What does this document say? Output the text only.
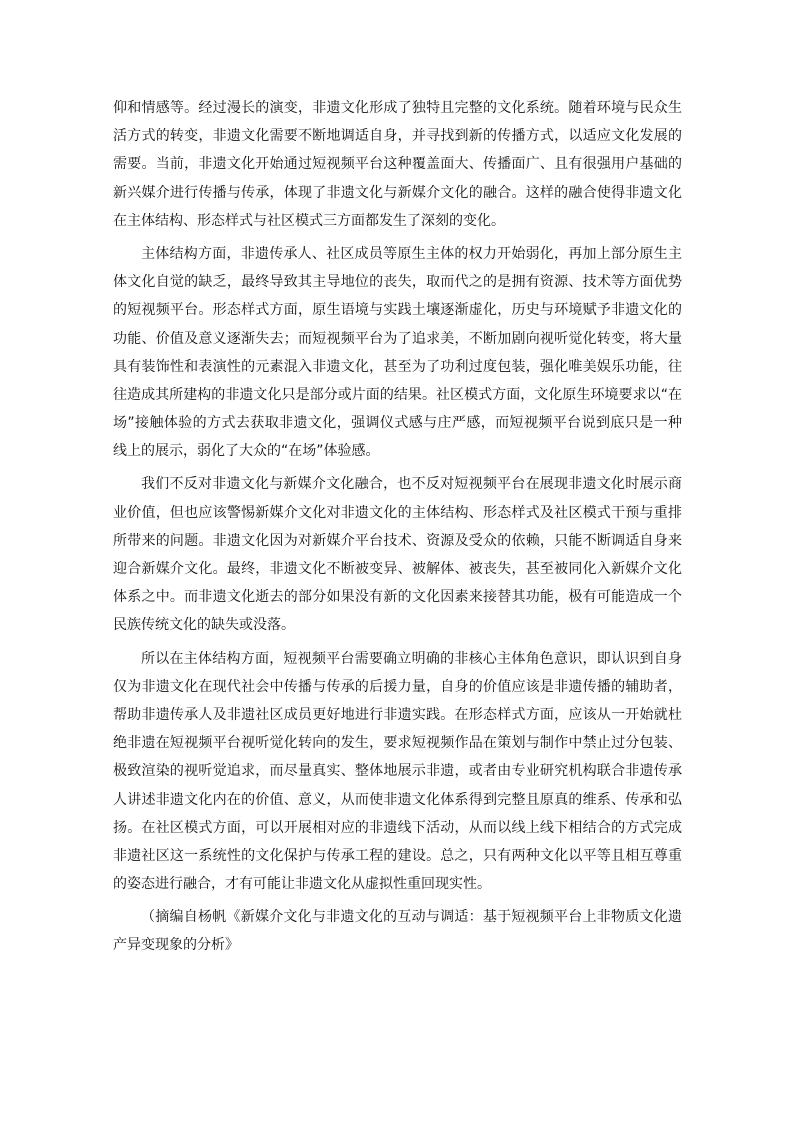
仰和情感等。经过漫长的演变，非遗文化形成了独特且完整的文化系统。随着环境与民众生
活方式的转变，非遗文化需要不断地调适自身，并寻找到新的传播方式，以适应文化发展的
需要。当前，非遗文化开始通过短视频平台这种覆盖面大、传播面广、且有很强用户基础的
新兴媒介进行传播与传承，体现了非遗文化与新媒介文化的融合。这样的融合使得非遗文化
在主体结构、形态样式与社区模式三方面都发生了深刻的变化。
主体结构方面，非遗传承人、社区成员等原生主体的权力开始弱化，再加上部分原生主
体文化自觉的缺乏，最终导致其主导地位的丧失，取而代之的是拥有资源、技术等方面优势
的短视频平台。形态样式方面，原生语境与实践土壤逐渐虚化，历史与环境赋予非遗文化的
功能、价值及意义逐渐失去；而短视频平台为了追求美，不断加剧向视听觉化转变，将大量
具有装饰性和表演性的元素混入非遗文化，甚至为了功利过度包装，强化唯美娱乐功能，往
往造成其所建构的非遗文化只是部分或片面的结果。社区模式方面，文化原生环境要求以“在
场”接触体验的方式去获取非遗文化，强调仪式感与庄严感，而短视频平台说到底只是一种
线上的展示，弱化了大众的“在场”体验感。
我们不反对非遗文化与新媒介文化融合，也不反对短视频平台在展现非遗文化时展示商
业价值，但也应该警惕新媒介文化对非遗文化的主体结构、形态样式及社区模式干预与重排
所带来的问题。非遗文化因为对新媒介平台技术、资源及受众的依赖，只能不断调适自身来
迎合新媒介文化。最终，非遗文化不断被变异、被解体、被丧失，甚至被同化入新媒介文化
体系之中。而非遗文化逝去的部分如果没有新的文化因素来接替其功能，极有可能造成一个
民族传统文化的缺失或没落。
所以在主体结构方面，短视频平台需要确立明确的非核心主体角色意识，即认识到自身
仅为非遗文化在现代社会中传播与传承的后援力量，自身的价值应该是非遗传播的辅助者，
帮助非遗传承人及非遗社区成员更好地进行非遗实践。在形态样式方面，应该从一开始就杜
绝非遗在短视频平台视听觉化转向的发生，要求短视频作品在策划与制作中禁止过分包装、
极致渲染的视听觉追求，而尽量真实、整体地展示非遗，或者由专业研究机构联合非遗传承
人讲述非遗文化内在的价值、意义，从而使非遗文化体系得到完整且原真的维系、传承和弘
扬。在社区模式方面，可以开展相对应的非遗线下活动，从而以线上线下相结合的方式完成
非遗社区这一系统性的文化保护与传承工程的建设。总之，只有两种文化以平等且相互尊重
的姿态进行融合，才有可能让非遗文化从虚拟性重回现实性。
（摘编自杨帆《新媒介文化与非遗文化的互动与调适：基于短视频平台上非物质文化遗
产异变现象的分析》
